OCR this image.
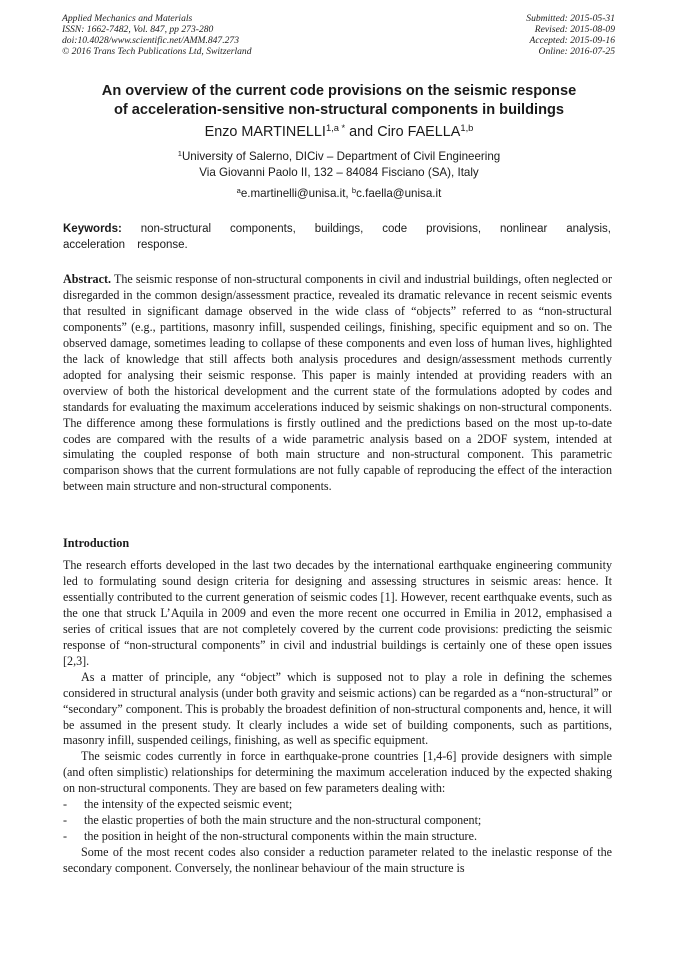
Applied Mechanics and Materials
ISSN: 1662-7482, Vol. 847, pp 273-280
doi:10.4028/www.scientific.net/AMM.847.273
© 2016 Trans Tech Publications Ltd, Switzerland
Submitted: 2015-05-31
Revised: 2015-08-09
Accepted: 2015-09-16
Online: 2016-07-25
An overview of the current code provisions on the seismic response
of acceleration-sensitive non-structural components in buildings
Enzo $MARTINELLI^{1,a *}$ and Ciro FAELLA$^{1,b}$
$^1$University of Salerno, DICiv – Department of Civil Engineering
Via Giovanni Paolo II, 132 – 84084 Fisciano (SA), Italy
$^a$e.martinelli@unisa.it, $^b$c.faella@unisa.it
Keywords: non-structural components, buildings, code provisions, nonlinear analysis, acceleration response.
Abstract. The seismic response of non-structural components in civil and industrial buildings, often neglected or disregarded in the common design/assessment practice, revealed its dramatic relevance in recent seismic events that resulted in significant damage observed in the wide class of “objects” referred to as “non-structural components” (e.g., partitions, masonry infill, suspended ceilings, finishing, specific equipment and so on. The observed damage, sometimes leading to collapse of these components and even loss of human lives, highlighted the lack of knowledge that still affects both analysis procedures and design/assessment methods currently adopted for analysing their seismic response. This paper is mainly intended at providing readers with an overview of both the historical development and the current state of the formulations adopted by codes and standards for evaluating the maximum accelerations induced by seismic shakings on non-structural components. The difference among these formulations is firstly outlined and the predictions based on the most up-to-date codes are compared with the results of a wide parametric analysis based on a 2DOF system, intended at simulating the coupled response of both main structure and non-structural component. This parametric comparison shows that the current formulations are not fully capable of reproducing the effect of the interaction between main structure and non-structural components.
Introduction

The research efforts developed in the last two decades by the international earthquake engineering community led to formulating sound design criteria for designing and assessing structures in seismic areas: hence. It essentially contributed to the current generation of seismic codes [1]. However, recent earthquake events, such as the one that struck L’Aquila in 2009 and even the more recent one occurred in Emilia in 2012, emphasised a series of critical issues that are not completely covered by the current code provisions: predicting the seismic response of “non-structural components” in civil and industrial buildings is certainly one of these open issues [2,3].

As a matter of principle, any “object” which is supposed not to play a role in defining the schemes considered in structural analysis (under both gravity and seismic actions) can be regarded as a “non-structural” or “secondary” component. This is probably the broadest definition of non-structural components and, hence, it will be assumed in the present study. It clearly includes a wide set of building components, such as partitions, masonry infill, suspended ceilings, finishing, as well as specific equipment.

The seismic codes currently in force in earthquake-prone countries [1,4-6] provide designers with simple (and often simplistic) relationships for determining the maximum acceleration induced by the expected shaking on non-structural components. They are based on few parameters dealing with:

- the intensity of the expected seismic event;
- the elastic properties of both the main structure and the non-structural component;
- the position in height of the non-structural components within the main structure.

Some of the most recent codes also consider a reduction parameter related to the inelastic response of the secondary component. Conversely, the nonlinear behaviour of the main structure is
